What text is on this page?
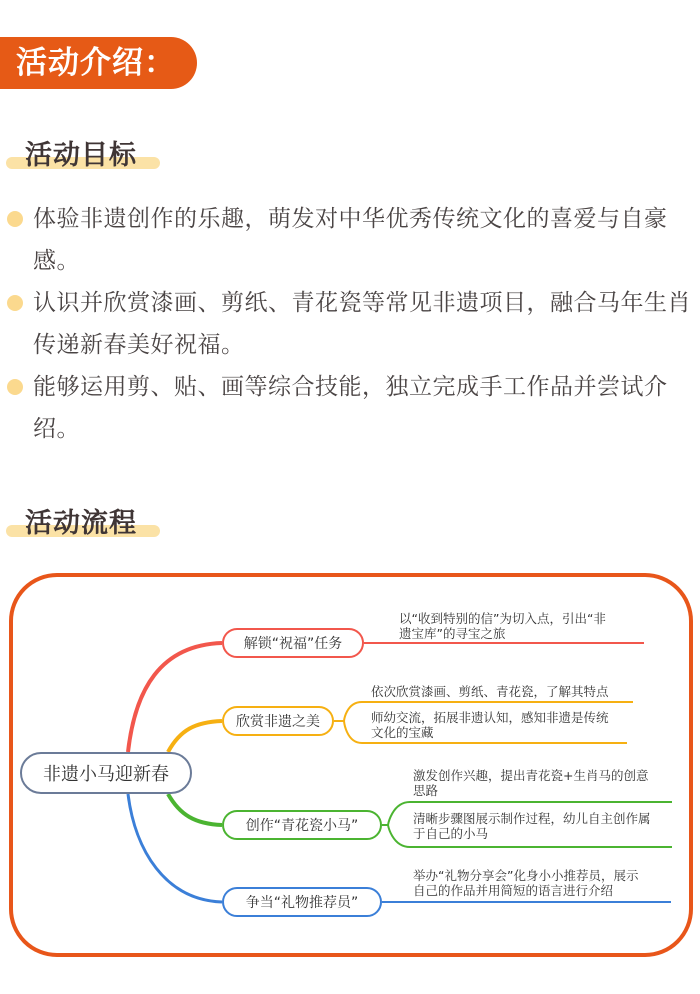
活动介绍：
活动目标
体验非遗创作的乐趣，萌发对中华优秀传统文化的喜爱与自豪感。
认识并欣赏漆画、剪纸、青花瓷等常见非遗项目，融合马年生肖传递新春美好祝福。
能够运用剪、贴、画等综合技能，独立完成手工作品并尝试介绍。
活动流程
非遗小马迎新春
解锁“祝福”任务
欣赏非遗之美
创作“青花瓷小马”
争当“礼物推荐员”
以“收到特别的信”为切入点，引出“非
遗宝库”的寻宝之旅
依次欣赏漆画、剪纸、青花瓷，了解其特点
师幼交流，拓展非遗认知，感知非遗是传统
文化的宝藏
激发创作兴趣，提出青花瓷+生肖马的创意
思路
清晰步骤图展示制作过程，幼儿自主创作属
于自己的小马
举办“礼物分享会”化身小小推荐员，展示
自己的作品并用简短的语言进行介绍
